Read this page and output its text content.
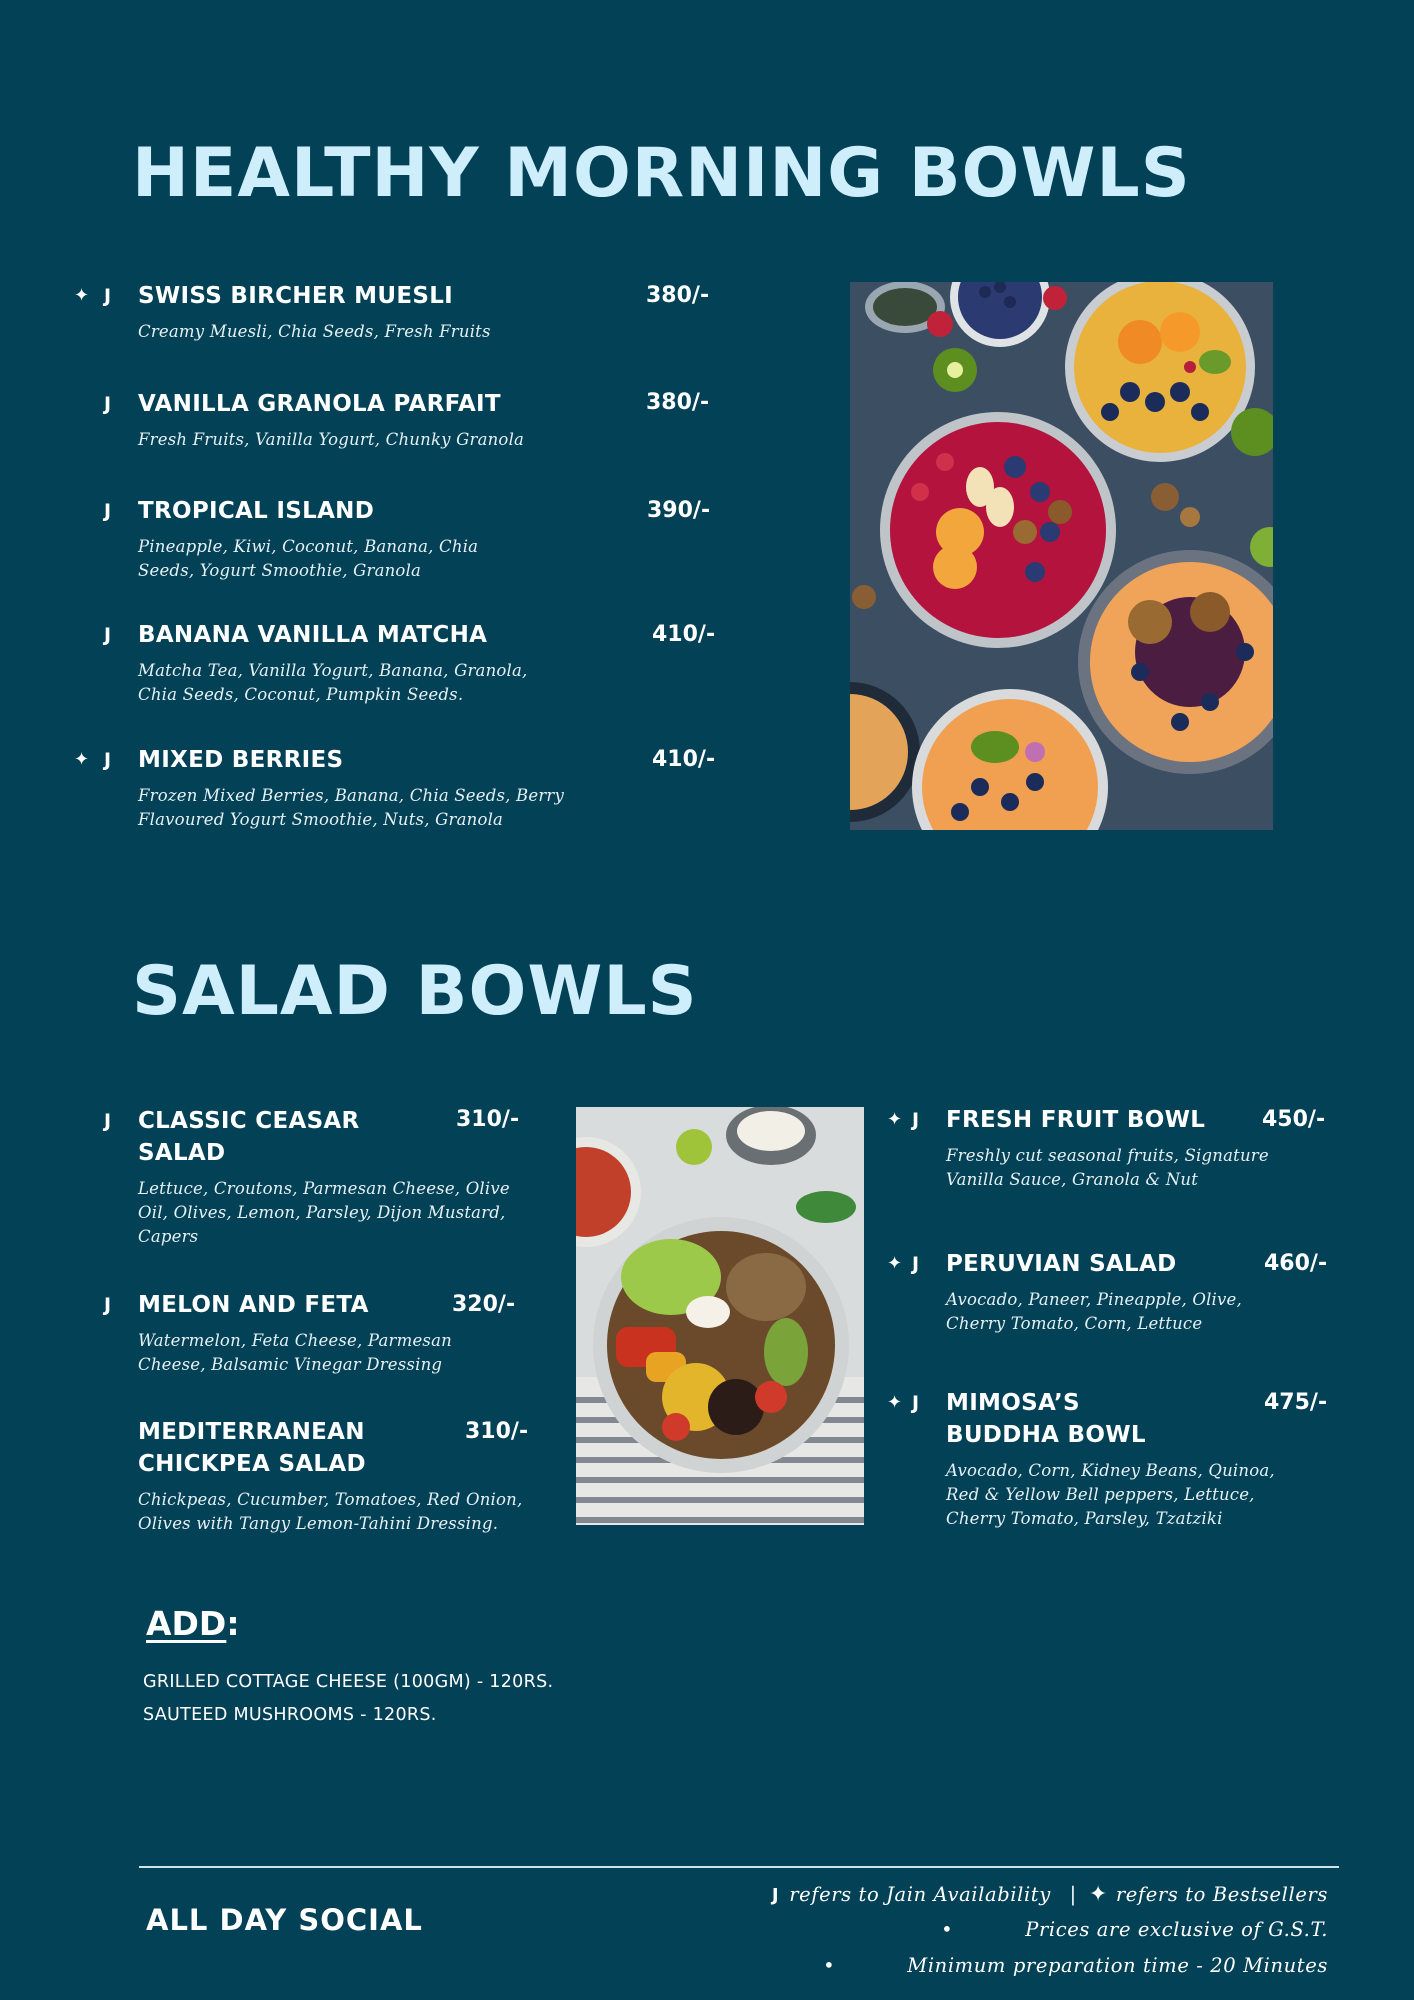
HEALTHY MORNING BOWLS
✦ J SWISS BIRCHER MUESLI
Creamy Muesli, Chia Seeds, Fresh Fruits
380/-
J VANILLA GRANOLA PARFAIT
Fresh Fruits, Vanilla Yogurt, Chunky Granola
380/-
J TROPICAL ISLAND
Pineapple, Kiwi, Coconut, Banana, Chia Seeds, Yogurt Smoothie, Granola
390/-
J BANANA VANILLA MATCHA
Matcha Tea, Vanilla Yogurt, Banana, Granola, Chia Seeds, Coconut, Pumpkin Seeds.
410/-
✦ J MIXED BERRIES
Frozen Mixed Berries, Banana, Chia Seeds, Berry Flavoured Yogurt Smoothie, Nuts, Granola
410/-
SALAD BOWLS
J CLASSIC CEASAR SALAD
Lettuce, Croutons, Parmesan Cheese, Olive Oil, Olives, Lemon, Parsley, Dijon Mustard, Capers
310/-
J MELON AND FETA
Watermelon, Feta Cheese, Parmesan Cheese, Balsamic Vinegar Dressing
320/-
MEDITERRANEAN CHICKPEA SALAD
Chickpeas, Cucumber, Tomatoes, Red Onion, Olives with Tangy Lemon-Tahini Dressing.
310/-
✦ J FRESH FRUIT BOWL
Freshly cut seasonal fruits, Signature Vanilla Sauce, Granola & Nut
450/-
✦ J PERUVIAN SALAD
Avocado, Paneer, Pineapple, Olive, Cherry Tomato, Corn, Lettuce
460/-
✦ J MIMOSA’S BUDDHA BOWL
Avocado, Corn, Kidney Beans, Quinoa, Red & Yellow Bell peppers, Lettuce, Cherry Tomato, Parsley, Tzatziki
475/-
ADD:
GRILLED COTTAGE CHEESE (100GM) - 120RS.
SAUTEED MUSHROOMS - 120RS.
ALL DAY SOCIAL
J refers to Jain Availability | ✦ refers to Bestsellers
•	Prices are exclusive of G.S.T.
•	Minimum preparation time - 20 Minutes
